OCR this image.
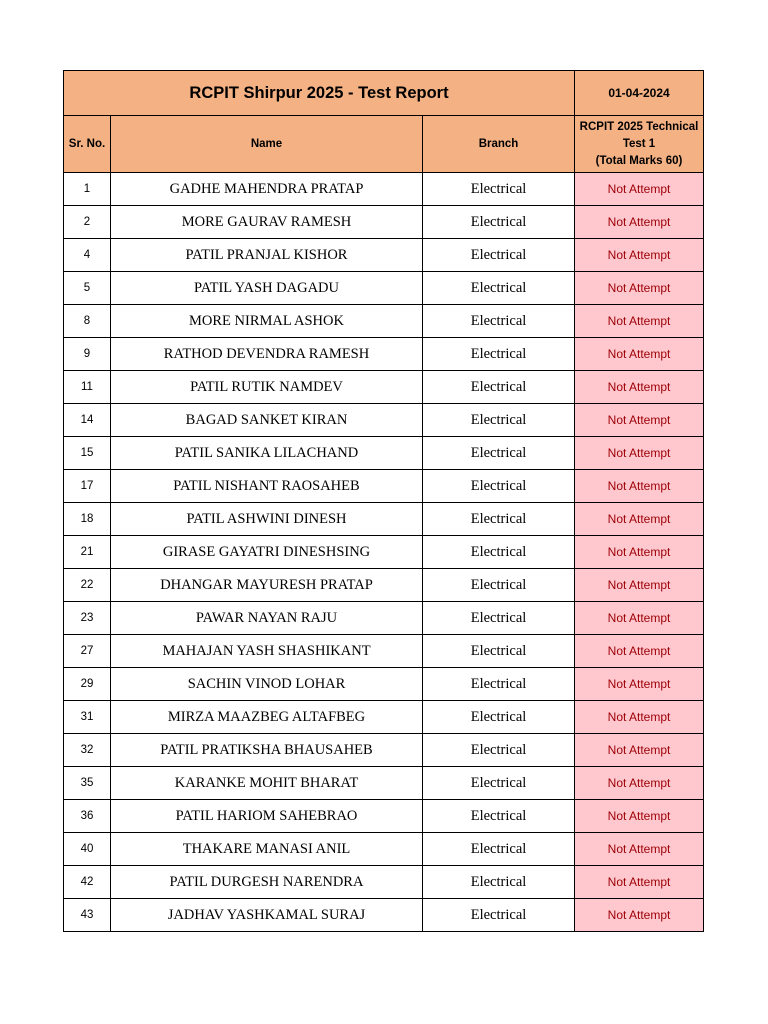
RCPIT Shirpur 2025 - Test Report			01-04-2024
Sr. No.	Name	Branch	RCPIT 2025 Technical
Test 1
(Total Marks 60)
1	GADHE MAHENDRA PRATAP	Electrical	Not Attempt
2	MORE GAURAV RAMESH	Electrical	Not Attempt
4	PATIL PRANJAL KISHOR	Electrical	Not Attempt
5	PATIL YASH DAGADU	Electrical	Not Attempt
8	MORE NIRMAL ASHOK	Electrical	Not Attempt
9	RATHOD DEVENDRA RAMESH	Electrical	Not Attempt
11	PATIL RUTIK NAMDEV	Electrical	Not Attempt
14	BAGAD SANKET KIRAN	Electrical	Not Attempt
15	PATIL SANIKA LILACHAND	Electrical	Not Attempt
17	PATIL NISHANT RAOSAHEB	Electrical	Not Attempt
18	PATIL ASHWINI DINESH	Electrical	Not Attempt
21	GIRASE GAYATRI DINESHSING	Electrical	Not Attempt
22	DHANGAR MAYURESH PRATAP	Electrical	Not Attempt
23	PAWAR NAYAN RAJU	Electrical	Not Attempt
27	MAHAJAN YASH SHASHIKANT	Electrical	Not Attempt
29	SACHIN VINOD LOHAR	Electrical	Not Attempt
31	MIRZA MAAZBEG ALTAFBEG	Electrical	Not Attempt
32	PATIL PRATIKSHA BHAUSAHEB	Electrical	Not Attempt
35	KARANKE MOHIT BHARAT	Electrical	Not Attempt
36	PATIL HARIOM SAHEBRAO	Electrical	Not Attempt
40	THAKARE MANASI ANIL	Electrical	Not Attempt
42	PATIL DURGESH NARENDRA	Electrical	Not Attempt
43	JADHAV YASHKAMAL SURAJ	Electrical	Not Attempt
